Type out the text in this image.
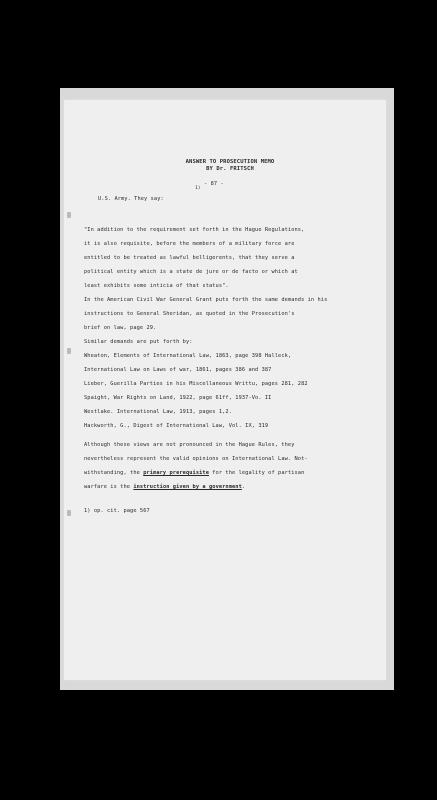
ANSWER TO PROSECUTION MEMO
BY Dr. FRITSCH
1)
- 87 -
U.S. Army. They say:
"In addition to the requirement set forth in the Hague Regulations,
it is also requisite, before the members of a military force are
entitled to be treated as lawful belligerents, that they serve a
political entity which is a state de jure or de facto or which at
least exhibits some inticia of that status".
In the American Civil War General Grant puts forth the same demands in his
instructions to General Sheridan, as quoted in the Prosecution's
brief on law, page 29.
Similar demands are put forth by:
Wheaton, Elements of International Law, 1863, page 398 Halleck,
International Law on Laws of war, 1861, pages 386 and 387
Lieber, Guerilla Parties in his Miscellaneous Writtu, pages 281, 282
Spaight, War Rights on Land, 1922, page 61ff, 1937-Vo. II
Westlake. International Law, 1913, pages 1,2.
Hackworth, G., Digest of International Law, Vol. IX, 319
Although these views are not pronounced in the Hague Rules, they
nevertheless represent the valid opinions on International Law. Not-
withstanding, the primary prerequisite for the legality of partisan
warfare is the instruction given by a government.
1) op. cit. page 567
